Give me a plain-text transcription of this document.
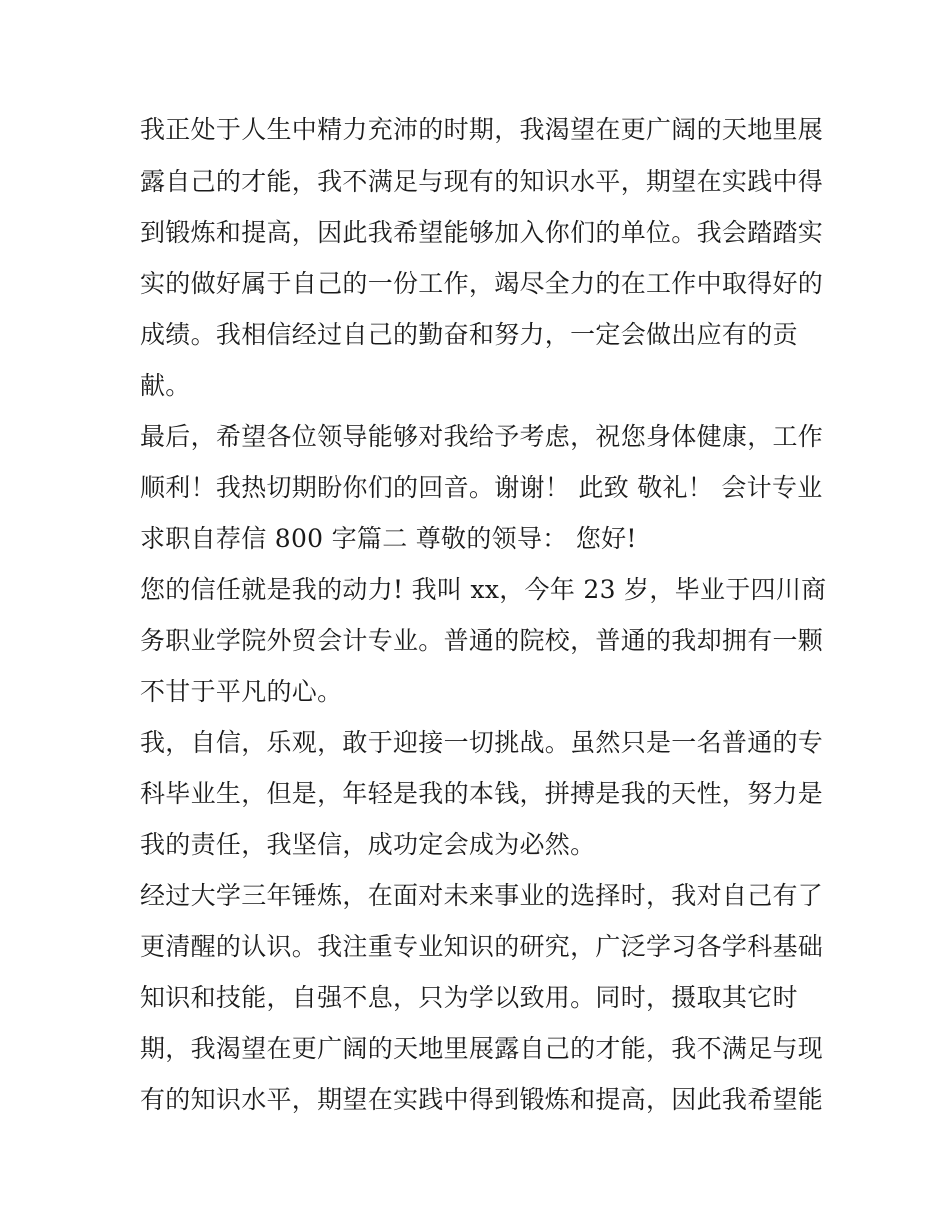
我正处于人生中精力充沛的时期，我渴望在更广阔的天地里展
露自己的才能，我不满足与现有的知识水平，期望在实践中得
到锻炼和提高，因此我希望能够加入你们的单位。我会踏踏实
实的做好属于自己的一份工作，竭尽全力的在工作中取得好的
成绩。我相信经过自己的勤奋和努力，一定会做出应有的贡
献。
最后，希望各位领导能够对我给予考虑，祝您身体健康，工作
顺利！我热切期盼你们的回音。谢谢！ 此致 敬礼！ 会计专业
求职自荐信 800 字篇二 尊敬的领导： 您好!
您的信任就是我的动力! 我叫 xx，今年 23 岁，毕业于四川商
务职业学院外贸会计专业。普通的院校，普通的我却拥有一颗
不甘于平凡的心。
我，自信，乐观，敢于迎接一切挑战。虽然只是一名普通的专
科毕业生，但是，年轻是我的本钱，拼搏是我的天性，努力是
我的责任，我坚信，成功定会成为必然。
经过大学三年锤炼，在面对未来事业的选择时，我对自己有了
更清醒的认识。我注重专业知识的研究，广泛学习各学科基础
知识和技能，自强不息，只为学以致用。同时，摄取其它时
期，我渴望在更广阔的天地里展露自己的才能，我不满足与现
有的知识水平，期望在实践中得到锻炼和提高，因此我希望能
